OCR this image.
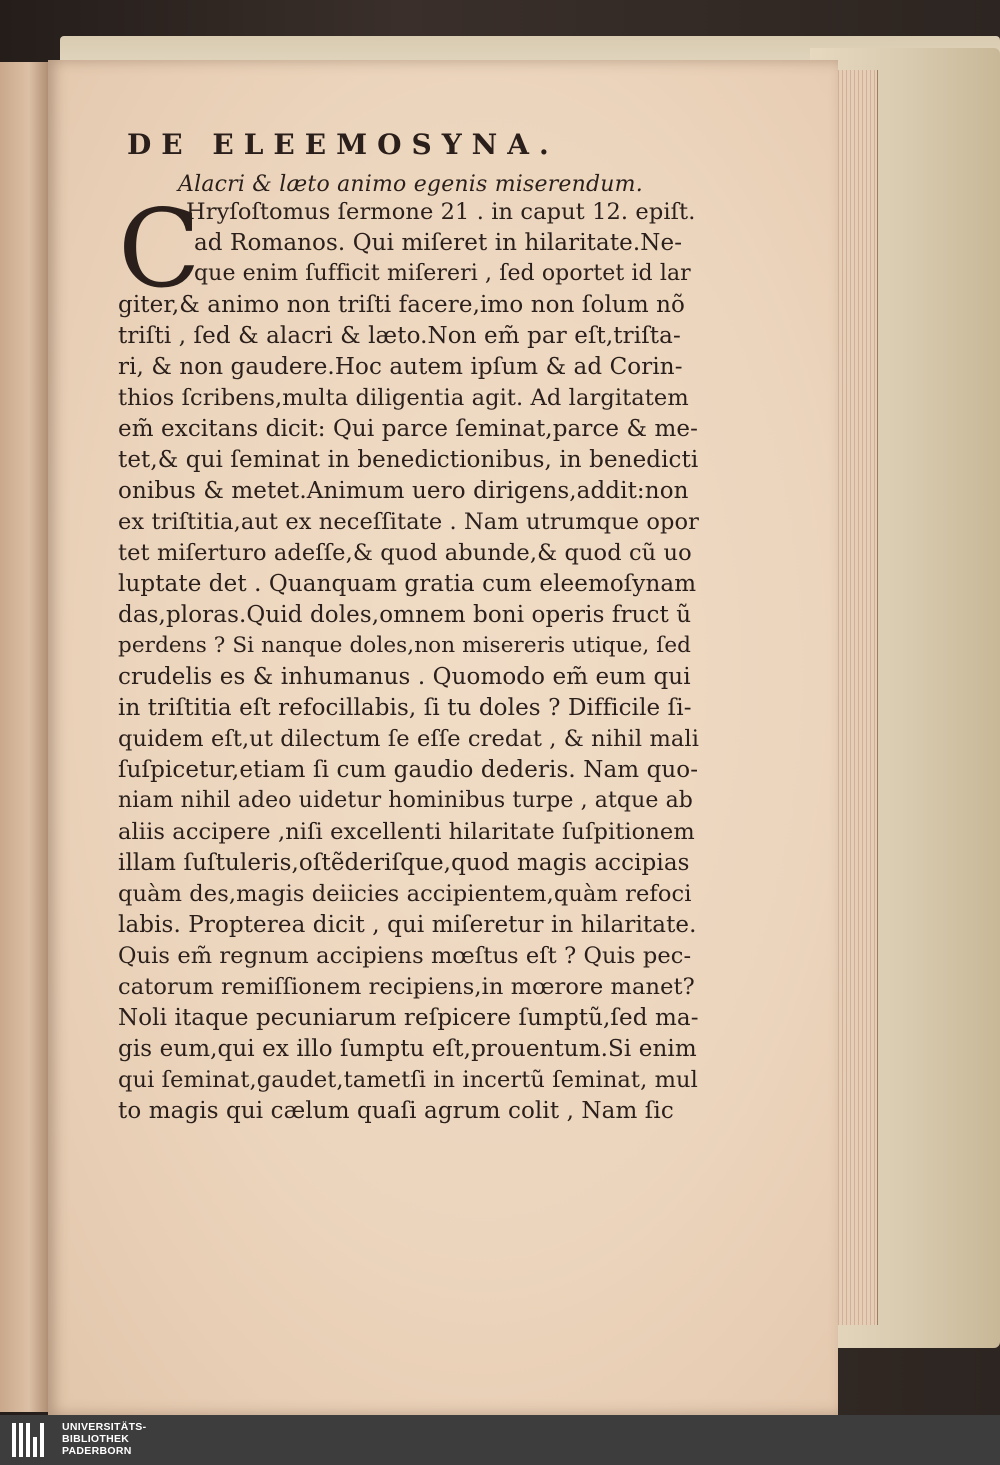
DE ELEEMOSYNA.
Alacri & læto animo egenis miserendum.
C
Hryſoſtomus ſermone 21 . in caput 12. epiſt.
ad Romanos. Qui miſeret in hilaritate.Ne-
que enim ſufficit miſereri , ſed oportet id lar
giter,& animo non triſti facere,imo non ſolum nõ
triſti , ſed & alacri & læto.Non em̃ par eſt,triſta-
ri, & non gaudere.Hoc autem ipſum & ad Corin-
thios ſcribens,multa diligentia agit. Ad largitatem
em̃ excitans dicit: Qui parce ſeminat,parce & me-
tet,& qui ſeminat in benedictionibus, in benedicti
onibus & metet.Animum uero dirigens,addit:non
ex triſtitia,aut ex neceſſitate . Nam utrumque opor
tet miſerturo adeſſe,& quod abunde,& quod cũ uo
luptate det . Quanquam gratia cum eleemoſynam
das,ploras.Quid doles,omnem boni operis fruct ũ
perdens ? Si nanque doles,non misereris utique, ſed
crudelis es & inhumanus . Quomodo em̃ eum qui
in triſtitia eſt refocillabis, ſi tu doles ? Difficile ſi-
quidem eſt,ut dilectum ſe eſſe credat , & nihil mali
ſuſpicetur,etiam ſi cum gaudio dederis. Nam quo-
niam nihil adeo uidetur hominibus turpe , atque ab
aliis accipere ,niſi excellenti hilaritate ſuſpitionem
illam ſuſtuleris,oſtẽderiſque,quod magis accipias
quàm des,magis deiicies accipientem,quàm refoci
labis. Propterea dicit , qui miſeretur in hilaritate.
Quis em̃ regnum accipiens mœſtus eſt ? Quis pec-
catorum remiſſionem recipiens,in mœrore manet?
Noli itaque pecuniarum reſpicere ſumptũ,ſed ma-
gis eum,qui ex illo ſumptu eſt,prouentum.Si enim
qui ſeminat,gaudet,tametſi in incertũ ſeminat, mul
to magis qui cælum quaſi agrum colit , Nam ſic
UNIVERSITÄTS-
BIBLIOTHEK
PADERBORN
